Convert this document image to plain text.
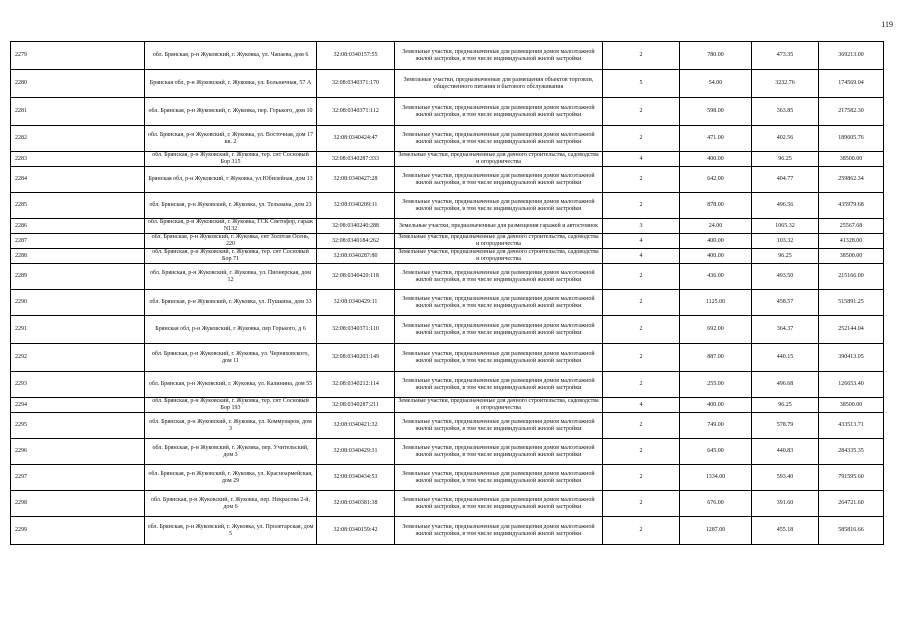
119
2279	обл. Брянская, р-н Жуковский, г. Жуковка, ул. Чапаева, дом 6	32:08:0340157:55	Земельные участки, предназначенные для размещения домов малоэтажной жилой застройки, в том числе индивидуальной жилой застройки	2	780.00	473.35	369213.00
2280	Брянская обл, р-н Жуковский, г. Жуковка, ул. Больничная, 57 А	32:08:0340371:170	Земельные участки, предназначенные для размещения объектов торговли, общественного питания и бытового обслуживания	5	54.00	3232.76	174569.04
2281	обл. Брянская, р-н Жуковский, г. Жуковка, пер. Горького, дом 10	32:08:0340371:112	Земельные участки, предназначенные для размещения домов малоэтажной жилой застройки, в том числе индивидуальной жилой застройки	2	598.00	363.85	217582.30
2282	обл. Брянская, р-н Жуковский, г. Жуковка, ул. Восточная, дом 17 кв. 2	32:08:0340424:47	Земельные участки, предназначенные для размещения домов малоэтажной жилой застройки, в том числе индивидуальной жилой застройки	2	471.00	402.56	189605.76
2283	обл. Брянская, р-н Жуковский, г. Жуковка, тер. снт Сосновый Бор 315	32:08:0340287:333	Земельные участки, предназначенные для дачного строительства, садоводства и огородничества	4	400.00	96.25	38500.00
2284	Брянская обл, р-н Жуковский, г Жуковка, ул Юбилейная, дом 13	32:08:0340427:28	Земельные участки, предназначенные для размещения домов малоэтажной жилой застройки, в том числе индивидуальной жилой застройки	2	642.00	404.77	259862.34
2285	обл. Брянская, р-н Жуковский, г. Жуковка, ул. Тельмана, дом 23	32:08:0340209:11	Земельные участки, предназначенные для размещения домов малоэтажной жилой застройки, в том числе индивидуальной жилой застройки	2	878.00	496.56	435979.68
2286	обл. Брянская, р-н Жуковский, г. Жуковка, ГСК Светофор, гараж N132	32:08:0340240:288	Земельные участки, предназначенные для размещения гаражей и автостоянок	3	24.00	1065.32	25567.68
2287	обл. Брянская, р-н Жуковский, г. Жуковка, снт Золотая Осень, 220	32:08:0340184:262	Земельные участки, предназначенные для дачного строительства, садоводства и огородничества	4	400.00	103.32	41328.00
2288	обл. Брянская, р-н Жуковский, г. Жуковка, тер. снт Сосновый Бор 71	32:08:0340287:80	Земельные участки, предназначенные для дачного строительства, садоводства и огородничества	4	400.00	96.25	38500.00
2289	обл. Брянская, р-н Жуковский, г. Жуковка, ул. Пионерская, дом 12	32:08:0340420:118	Земельные участки, предназначенные для размещения домов малоэтажной жилой застройки, в том числе индивидуальной жилой застройки	2	436.00	493.50	215166.00
2290	обл. Брянская, р-н Жуковский, г. Жуковка, ул. Пушкина, дом 33	32:08:0340429:11	Земельные участки, предназначенные для размещения домов малоэтажной жилой застройки, в том числе индивидуальной жилой застройки	2	1125.00	458.57	515891.25
2291	Брянская обл, р-н Жуковский, г Жуковка, пер Горького, д 6	32:08:0340371:110	Земельные участки, предназначенные для размещения домов малоэтажной жилой застройки, в том числе индивидуальной жилой застройки	2	692.00	364.37	252144.04
2292	обл. Брянская, р-н Жуковский, г. Жуковка, ул. Черняховского, дом 11	32:08:0340203:149	Земельные участки, предназначенные для размещения домов малоэтажной жилой застройки, в том числе индивидуальной жилой застройки	2	887.00	440.15	390413.05
2293	обл. Брянская, р-н Жуковский, г. Жуковка, ул. Калинина, дом 55	32:08:0340212:114	Земельные участки, предназначенные для размещения домов малоэтажной жилой застройки, в том числе индивидуальной жилой застройки	2	255.00	496.68	126653.40
2294	обл. Брянская, р-н Жуковский, г. Жуковка, тер. снт Сосновый Бор 193	32:08:0340287:211	Земельные участки, предназначенные для дачного строительства, садоводства и огородничества	4	400.00	96.25	38500.00
2295	обл. Брянская, р-н Жуковский, г. Жуковка, ул. Коммунаров, дом 3	32:08:0340421:32	Земельные участки, предназначенные для размещения домов малоэтажной жилой застройки, в том числе индивидуальной жилой застройки	2	749.00	578.79	433513.71
2296	обл. Брянская, р-н Жуковский, г. Жуковка, пер. Учительский, дом 3	32:08:0340429:31	Земельные участки, предназначенные для размещения домов малоэтажной жилой застройки, в том числе индивидуальной жилой застройки	2	645.00	440.83	284335.35
2297	обл. Брянская, р-н Жуковский, г. Жуковка, ул. Красноармейская, дом 29	32:08:0340434:53	Земельные участки, предназначенные для размещения домов малоэтажной жилой застройки, в том числе индивидуальной жилой застройки	2	1334.00	593.40	791595.60
2298	обл. Брянская, р-н Жуковский, г. Жуковка, пер. Некрасова 2-й, дом 6	32:08:0340381:38	Земельные участки, предназначенные для размещения домов малоэтажной жилой застройки, в том числе индивидуальной жилой застройки	2	676.00	391.60	264721.60
2299	обл. Брянская, р-н Жуковский, г. Жуковка, ул. Пролетарская, дом 5	32:08:0340159:42	Земельные участки, предназначенные для размещения домов малоэтажной жилой застройки, в том числе индивидуальной жилой застройки	2	1287.00	455.18	585816.66
